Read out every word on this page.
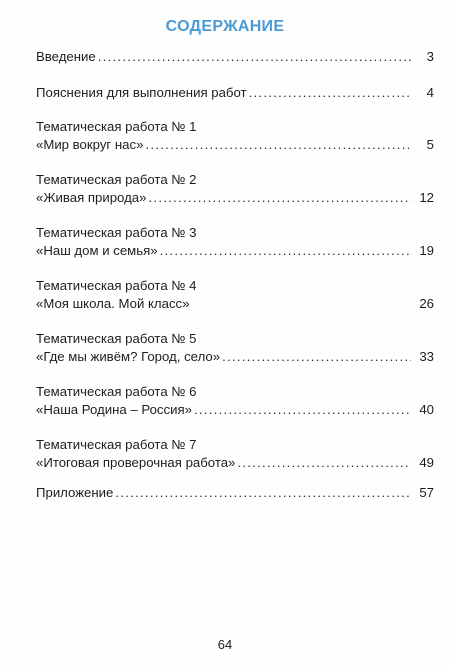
СОДЕРЖАНИЕ
Введение . . .	3
Пояснения для выполнения работ . . .	4
Тематическая работа № 1
«Мир вокруг нас» . . .	5
Тематическая работа № 2
«Живая природа» . . .	12
Тематическая работа № 3
«Наш дом и семья» . . .	19
Тематическая работа № 4
«Моя школа. Мой класс»	26
Тематическая работа № 5
«Где мы живём? Город, село» . . .	33
Тематическая работа № 6
«Наша Родина – Россия» . . .	40
Тематическая работа № 7
«Итоговая проверочная работа» . . .	49
Приложение . . .	57
64
